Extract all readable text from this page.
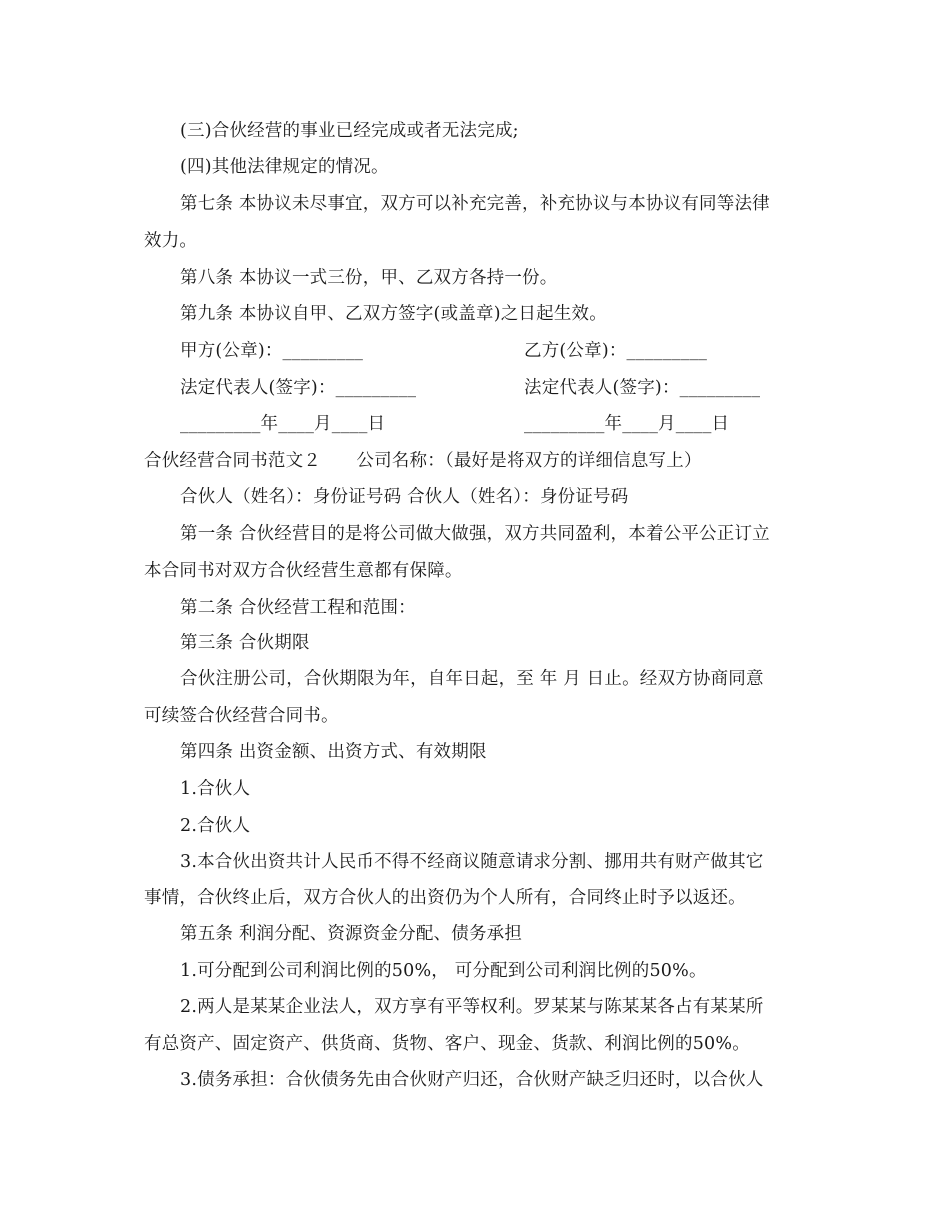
(三)合伙经营的事业已经完成或者无法完成;
(四)其他法律规定的情况。
第七条 本协议未尽事宜，双方可以补充完善，补充协议与本协议有同等法律
效力。
第八条 本协议一式三份，甲、乙双方各持一份。
第九条 本协议自甲、乙双方签字(或盖章)之日起生效。
甲方(公章)：_________	乙方(公章)：_________
法定代表人(签字)：_________	法定代表人(签字)：_________
_________年____月____日	_________年____月____日
合伙经营合同书范文２　　公司名称：（最好是将双方的详细信息写上）
合伙人（姓名）：身份证号码 合伙人（姓名）：身份证号码
第一条 合伙经营目的是将公司做大做强，双方共同盈利，本着公平公正订立
本合同书对双方合伙经营生意都有保障。
第二条 合伙经营工程和范围：
第三条 合伙期限
合伙注册公司，合伙期限为年，自年日起，至 年 月 日止。经双方协商同意
可续签合伙经营合同书。
第四条 出资金额、出资方式、有效期限
1.合伙人
2.合伙人
3.本合伙出资共计人民币不得不经商议随意请求分割、挪用共有财产做其它
事情，合伙终止后，双方合伙人的出资仍为个人所有，合同终止时予以返还。
第五条 利润分配、资源资金分配、债务承担
1.可分配到公司利润比例的50%， 可分配到公司利润比例的50%。
2.两人是某某企业法人，双方享有平等权利。罗某某与陈某某各占有某某所
有总资产、固定资产、供货商、货物、客户、现金、货款、利润比例的50%。
3.债务承担：合伙债务先由合伙财产归还，合伙财产缺乏归还时，以合伙人
